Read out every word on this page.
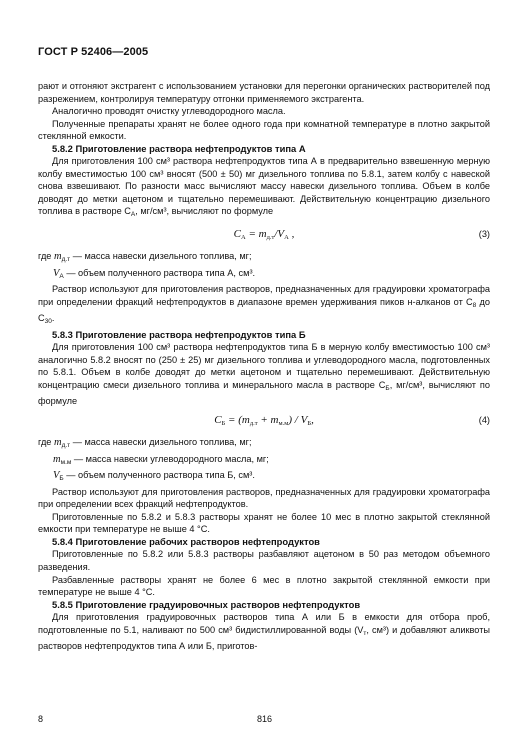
ГОСТ Р 52406—2005

рают и отгоняют экстрагент с использованием установки для перегонки органических растворителей под разрежением, контролируя температуру отгонки применяемого экстрагента.

Аналогично проводят очистку углеводородного масла.

Полученные препараты хранят не более одного года при комнатной температуре в плотно закрытой стеклянной емкости.

5.8.2 Приготовление раствора нефтепродуктов типа А

Для приготовления 100 см³ раствора нефтепродуктов типа А в предварительно взвешенную мерную колбу вместимостью 100 см³ вносят (500 ± 50) мг дизельного топлива по 5.8.1, затем колбу с навеской снова взвешивают. По разности масс вычисляют массу навески дизельного топлива. Объем в колбе доводят до метки ацетоном и тщательно перемешивают. Действительную концентрацию дизельного топлива в растворе $C_А$, мг/см³, вычисляют по формуле

$C_А = m_{д.т}/V_А$ ,	(3)
где $m_{д.т}$ — масса навески дизельного топлива, мг;
$V_А$ — объем полученного раствора типа А, см³.

Раствор используют для приготовления растворов, предназначенных для градуировки хроматографа при определении фракций нефтепродуктов в диапазоне времен удерживания пиков н-алканов от $C_8$ до $C_{30}$.

5.8.3 Приготовление раствора нефтепродуктов типа Б

Для приготовления 100 см³ раствора нефтепродуктов типа Б в мерную колбу вместимостью 100 см³ аналогично 5.8.2 вносят по (250 ± 25) мг дизельного топлива и углеводородного масла, подготовленных по 5.8.1. Объем в колбе доводят до метки ацетоном и тщательно перемешивают. Действительную концентрацию смеси дизельного топлива и минерального масла в растворе $C_Б$, мг/см³, вычисляют по формуле

$C_Б = (m_{д.т} + m_{м.м}) / V_Б$,	(4)
где $m_{д.т}$ — масса навески дизельного топлива, мг;
$m_{м.м}$ — масса навески углеводородного масла, мг;
$V_Б$ — объем полученного раствора типа Б, см³.

Раствор используют для приготовления растворов, предназначенных для градуировки хроматографа при определении всех фракций нефтепродуктов.

Приготовленные по 5.8.2 и 5.8.3 растворы хранят не более 10 мес в плотно закрытой стеклянной емкости при температуре не выше 4 °С.

5.8.4 Приготовление рабочих растворов нефтепродуктов

Приготовленные по 5.8.2 или 5.8.3 растворы разбавляют ацетоном в 50 раз методом объемного разведения.

Разбавленные растворы хранят не более 6 мес в плотно закрытой стеклянной емкости при температуре не выше 4 °С.

5.8.5 Приготовление градуировочных растворов нефтепродуктов

Для приготовления градуировочных растворов типа А или Б в емкости для отбора проб, подготовленные по 5.1, наливают по 500 см³ бидистиллированной воды ($V_т$, см³) и добавляют аликвоты растворов нефтепродуктов типа А или Б, приготов-

8	816
